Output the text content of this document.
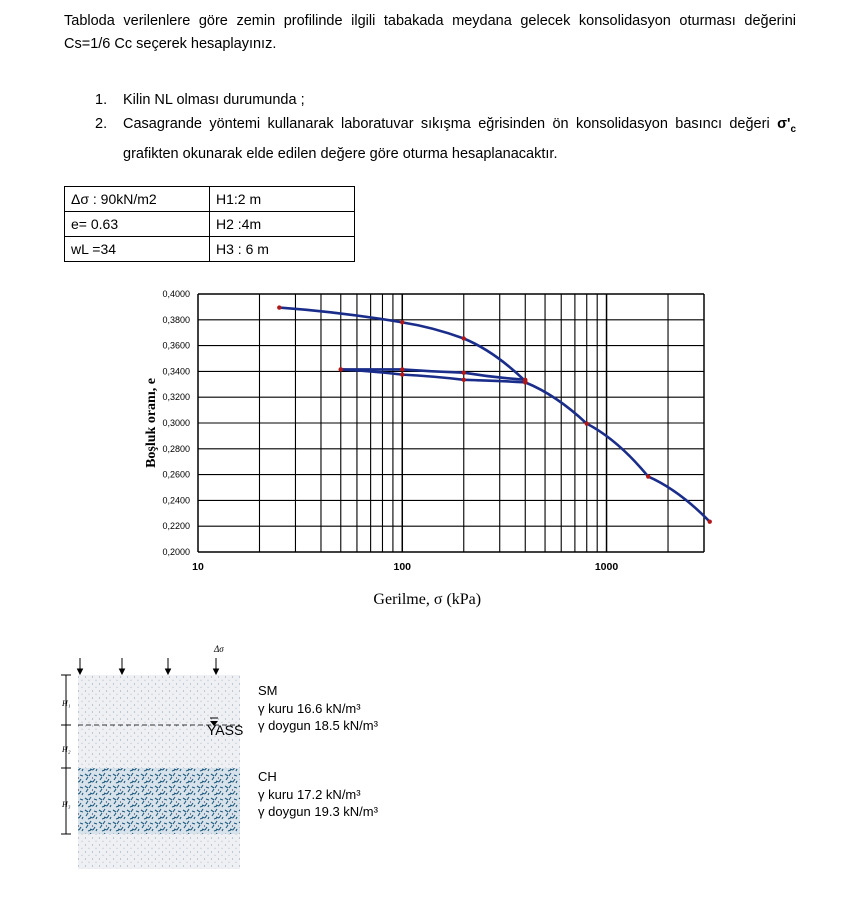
Tabloda verilenlere göre zemin profilinde ilgili tabakada meydana gelecek konsolidasyon oturması değerini Cs=1/6 Cc seçerek hesaplayınız.

1.	Kilin NL olması durumunda ;
2.	Casagrande yöntemi kullanarak laboratuvar sıkışma eğrisinden ön konsolidasyon basıncı değeri $\sigma'_c$ grafikten okunarak elde edilen değere göre oturma hesaplanacaktır.
Δσ : 90kN/m2	H1:2 m
e= 0.63	H2 :4m
wL =34	H3 : 6 m
0,4000
0,3800
0,3600
0,3400
0,3200
0,3000
0,2800
0,2600
0,2400
0,2200
0,2000
10	100	1000
Gerilme, σ (kPa)
Boşluk oranı, e
Δσ
H₁
H₂
H₃
YASS
SM
γ kuru 16.6 kN/m³
γ doygun 18.5 kN/m³
CH
γ kuru 17.2 kN/m³
γ doygun 19.3 kN/m³
